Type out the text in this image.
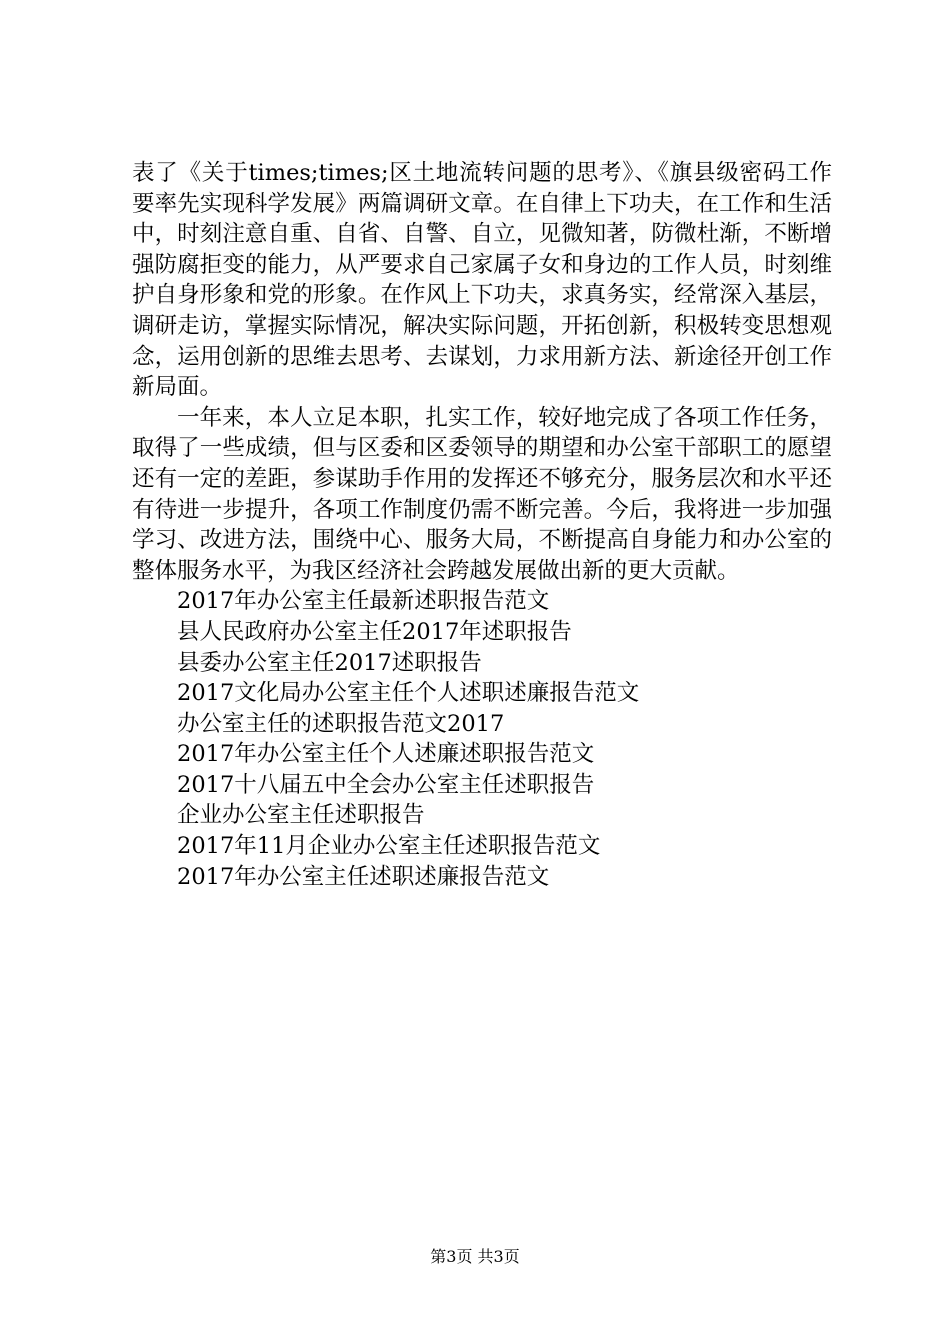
表了《关于times;times;区土地流转问题的思考》、《旗县级密码工作要率先实现科学发展》两篇调研文章。在自律上下功夫，在工作和生活中，时刻注意自重、自省、自警、自立，见微知著，防微杜渐，不断增强防腐拒变的能力，从严要求自己家属子女和身边的工作人员，时刻维护自身形象和党的形象。在作风上下功夫，求真务实，经常深入基层，调研走访，掌握实际情况，解决实际问题，开拓创新，积极转变思想观念，运用创新的思维去思考、去谋划，力求用新方法、新途径开创工作新局面。

一年来，本人立足本职，扎实工作，较好地完成了各项工作任务，取得了一些成绩，但与区委和区委领导的期望和办公室干部职工的愿望还有一定的差距，参谋助手作用的发挥还不够充分，服务层次和水平还有待进一步提升，各项工作制度仍需不断完善。今后，我将进一步加强学习、改进方法，围绕中心、服务大局，不断提高自身能力和办公室的整体服务水平，为我区经济社会跨越发展做出新的更大贡献。

2017年办公室主任最新述职报告范文
县人民政府办公室主任2017年述职报告
县委办公室主任2017述职报告
2017文化局办公室主任个人述职述廉报告范文
办公室主任的述职报告范文2017
2017年办公室主任个人述廉述职报告范文
2017十八届五中全会办公室主任述职报告
企业办公室主任述职报告
2017年11月企业办公室主任述职报告范文
2017年办公室主任述职述廉报告范文
第3页 共3页
